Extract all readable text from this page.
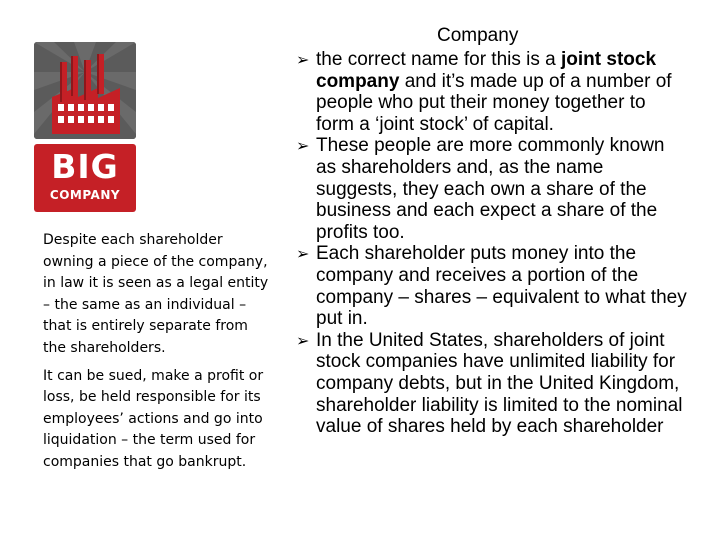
BIG
COMPANY

Despite each shareholder owning a piece of the company, in law it is seen as a legal entity – the same as an individual – that is entirely separate from the shareholders.

It can be sued, make a profit or loss, be held responsible for its employees’ actions and go into liquidation – the term used for companies that go bankrupt.

Company
➢ the correct name for this is a joint stock company and it’s made up of a number of people who put their money together to form a ‘joint stock’ of capital.
➢ These people are more commonly known as shareholders and, as the name suggests, they each own a share of the business and each expect a share of the profits too.
➢ Each shareholder puts money into the company and receives a portion of the company – shares – equivalent to what they put in.
➢ In the United States, shareholders of joint stock companies have unlimited liability for company debts, but in the United Kingdom, shareholder liability is limited to the nominal value of shares held by each shareholder
